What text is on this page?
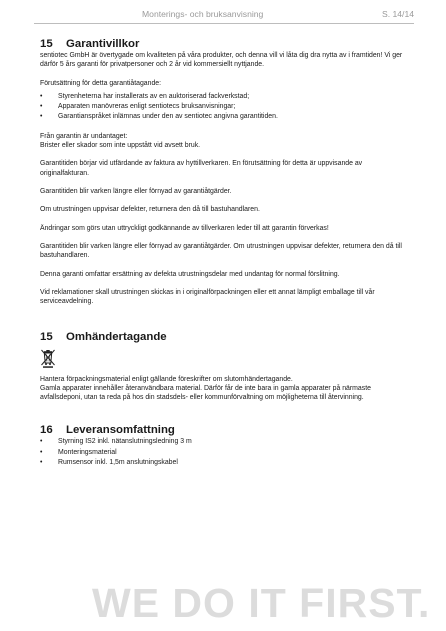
Monterings- och bruksanvisning	S. 14/14
15 Garantivillkor

sentiotec GmbH är övertygade om kvaliteten på våra produkter, och denna vill vi låta dig dra nytta av i framtiden! Vi ger därför 5 års garanti för privatpersoner och 2 år vid kommersiellt nyttjande.

Förutsättning för detta garantiåtagande:

• Styrenheterna har installerats av en auktoriserad fackverkstad;
• Apparaten manövreras enligt sentiotecs bruksanvisningar;
• Garantianspråket inlämnas under den av sentiotec angivna garantitiden.

Från garantin är undantaget:

Brister eller skador som inte uppstått vid avsett bruk.

Garantitiden börjar vid utfärdande av faktura av hyttillverkaren. En förutsättning för detta är uppvisande av originalfakturan.

Garantitiden blir varken längre eller förnyad av garantiåtgärder.

Om utrustningen uppvisar defekter, returnera den då till bastuhandlaren.

Ändringar som görs utan uttryckligt godkännande av tillverkaren leder till att garantin förverkas!

Garantitiden blir varken längre eller förnyad av garantiåtgärder. Om utrustningen uppvisar defekter, returnera den då till bastuhandlaren.

Denna garanti omfattar ersättning av defekta utrustningsdelar med undantag för normal förslitning.

Vid reklamationer skall utrustningen skickas in i originalförpackningen eller ett annat lämpligt emballage till vår serviceavdelning.

15 Omhändertagande

Hantera förpackningsmaterial enligt gällande föreskrifter om slutomhändertagande.

Gamla apparater innehåller återanvändbara material. Därför får de inte bara in gamla apparater på närmaste avfallsdeponi, utan ta reda på hos din stadsdels- eller kommunförvaltning om möjligheterna till återvinning.

16 Leveransomfattning
• Styrning IS2 inkl. nätanslutningsledning 3 m
• Monteringsmaterial
• Rumsensor inkl. 1,5m anslutningskabel
WE DO IT FIRST.
